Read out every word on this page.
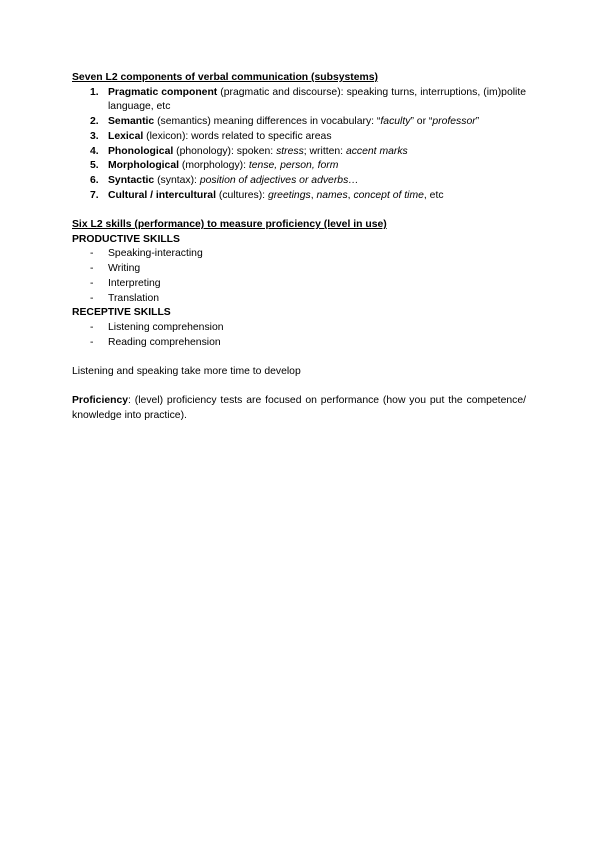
Seven L2 components of verbal communication (subsystems)
1. Pragmatic component (pragmatic and discourse): speaking turns, interruptions, (im)polite language, etc
2. Semantic (semantics) meaning differences in vocabulary: “faculty” or “professor”
3. Lexical (lexicon): words related to specific areas
4. Phonological (phonology): spoken: stress; written: accent marks
5. Morphological (morphology): tense, person, form
6. Syntactic (syntax): position of adjectives or adverbs…
7. Cultural / intercultural (cultures): greetings, names, concept of time, etc
Six L2 skills (performance) to measure proficiency (level in use)
PRODUCTIVE SKILLS
- Speaking-interacting
- Writing
- Interpreting
- Translation
RECEPTIVE SKILLS
- Listening comprehension
- Reading comprehension
Listening and speaking take more time to develop
Proficiency: (level) proficiency tests are focused on performance (how you put the competence/ knowledge into practice).
